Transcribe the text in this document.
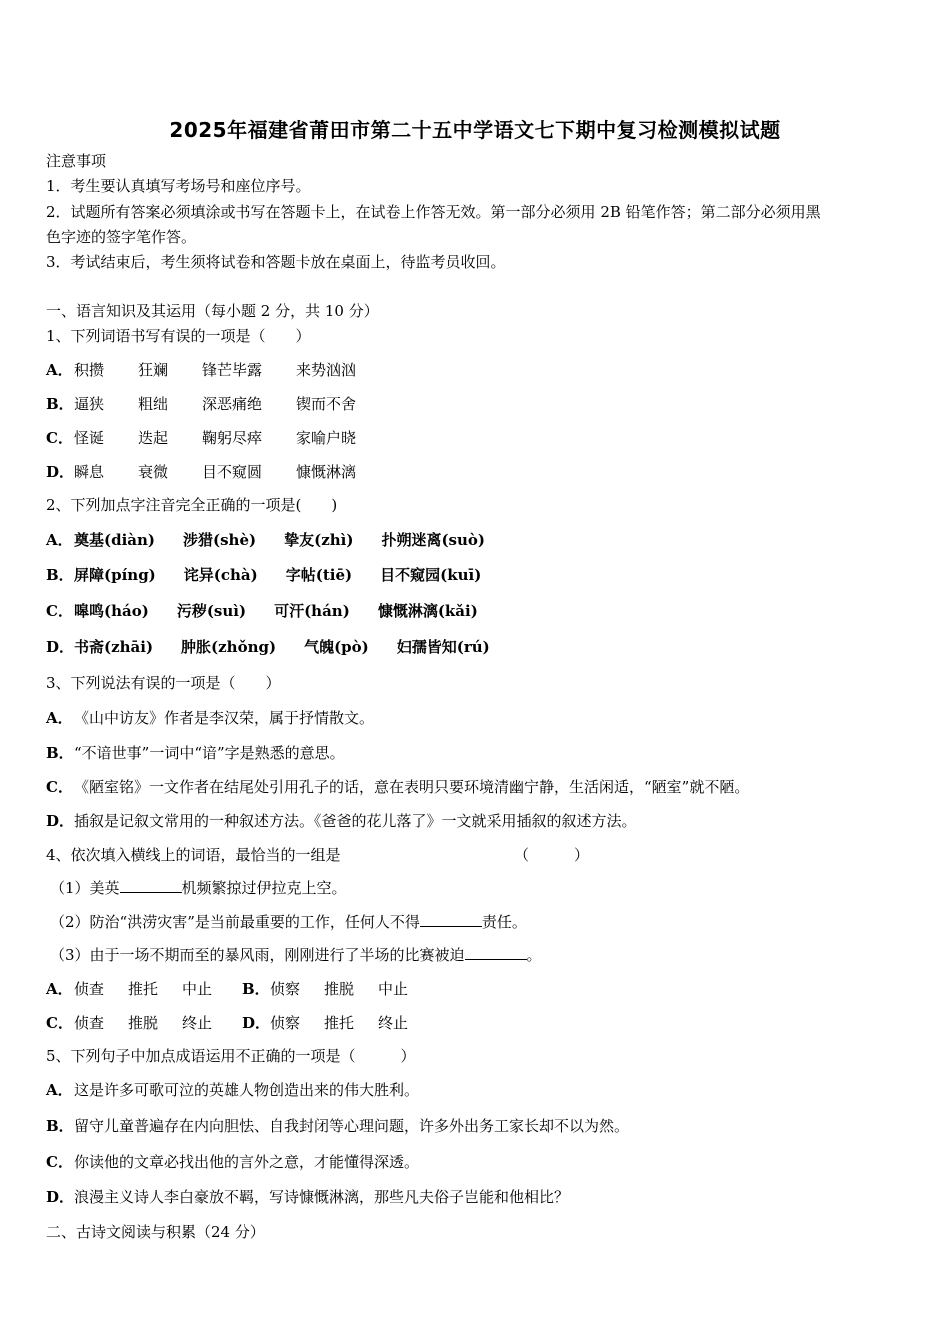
2025年福建省莆田市第二十五中学语文七下期中复习检测模拟试题
注意事项
1．考生要认真填写考场号和座位序号。
2．试题所有答案必须填涂或书写在答题卡上，在试卷上作答无效。第一部分必须用 2B 铅笔作答；第二部分必须用黑
色字迹的签字笔作答。
3．考试结束后，考生须将试卷和答题卡放在桌面上，待监考员收回。
一、语言知识及其运用（每小题 2 分，共 10 分）
1、下列词语书写有误的一项是（　　）
A．积攒 狂斓 锋芒毕露 来势汹汹
B．逼狭 粗绌 深恶痛绝 锲而不舍
C．怪诞 迭起 鞠躬尽瘁 家喻户晓
D．瞬息 衰微 目不窥圆 慷慨淋漓
2、下列加点字注音完全正确的一项是(　　)
A．奠基(diàn) 涉猎(shè) 挚友(zhì) 扑朔迷离(suò)
B．屏障(píng) 诧异(chà) 字帖(tiē) 目不窥园(kuī)
C．嗥鸣(háo) 污秽(suì) 可汗(hán) 慷慨淋漓(kǎi)
D．书斋(zhāi) 肿胀(zhǒng) 气魄(pò) 妇孺皆知(rú)
3、下列说法有误的一项是（　　）
A．《山中访友》作者是李汉荣，属于抒情散文。
B．“不谙世事”一词中“谙”字是熟悉的意思。
C．《陋室铭》一文作者在结尾处引用孔子的话，意在表明只要环境清幽宁静，生活闲适，“陋室”就不陋。
D．插叙是记叙文常用的一种叙述方法。《爸爸的花儿落了》一文就采用插叙的叙述方法。
4、依次填入横线上的词语，最恰当的一组是	（　　　）
（1）美英	机频繁掠过伊拉克上空。
（2）防治“洪涝灾害”是当前最重要的工作，任何人不得	责任。
（3）由于一场不期而至的暴风雨，刚刚进行了半场的比赛被迫	。
A．侦查 推托 中止 B．侦察 推脱 中止
C．侦查 推脱 终止 D．侦察 推托 终止
5、下列句子中加点成语运用不正确的一项是（　　　）
A．这是许多可歌可泣的英雄人物创造出来的伟大胜利。
B．留守儿童普遍存在内向胆怯、自我封闭等心理问题，许多外出务工家长却不以为然。
C．你读他的文章必找出他的言外之意，才能懂得深透。
D．浪漫主义诗人李白豪放不羁，写诗慷慨淋漓，那些凡夫俗子岂能和他相比？
二、古诗文阅读与积累（24 分）
